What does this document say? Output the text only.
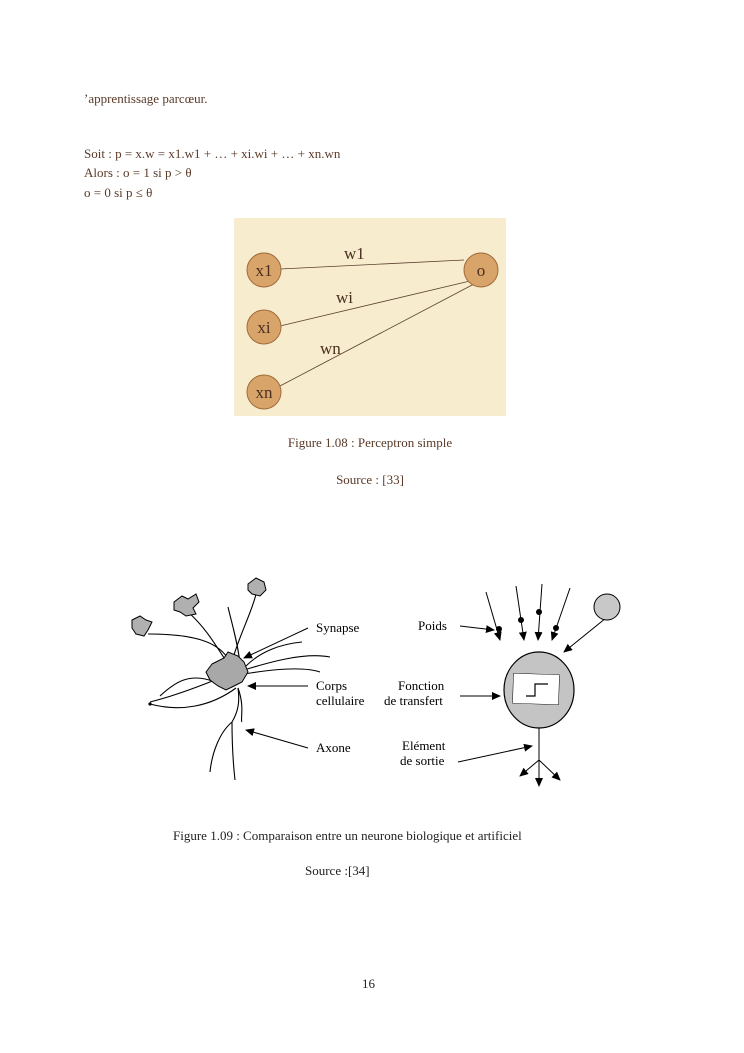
’apprentissage parcœur.
Soit : p = x.w = x1.w1 + … + xi.wi + … + xn.wn
Alors : o = 1 si p > θ
o = 0 si p ≤ θ
x1
xi
xn
o
w1
wi
wn
Figure 1.08 : Perceptron simple
Source : [33]
Synapse
Corps
cellulaire
Axone
Poids
Fonction
de transfert
Elément
de sortie
Figure 1.09 : Comparaison entre un neurone biologique et artificiel
Source :[34]
16
